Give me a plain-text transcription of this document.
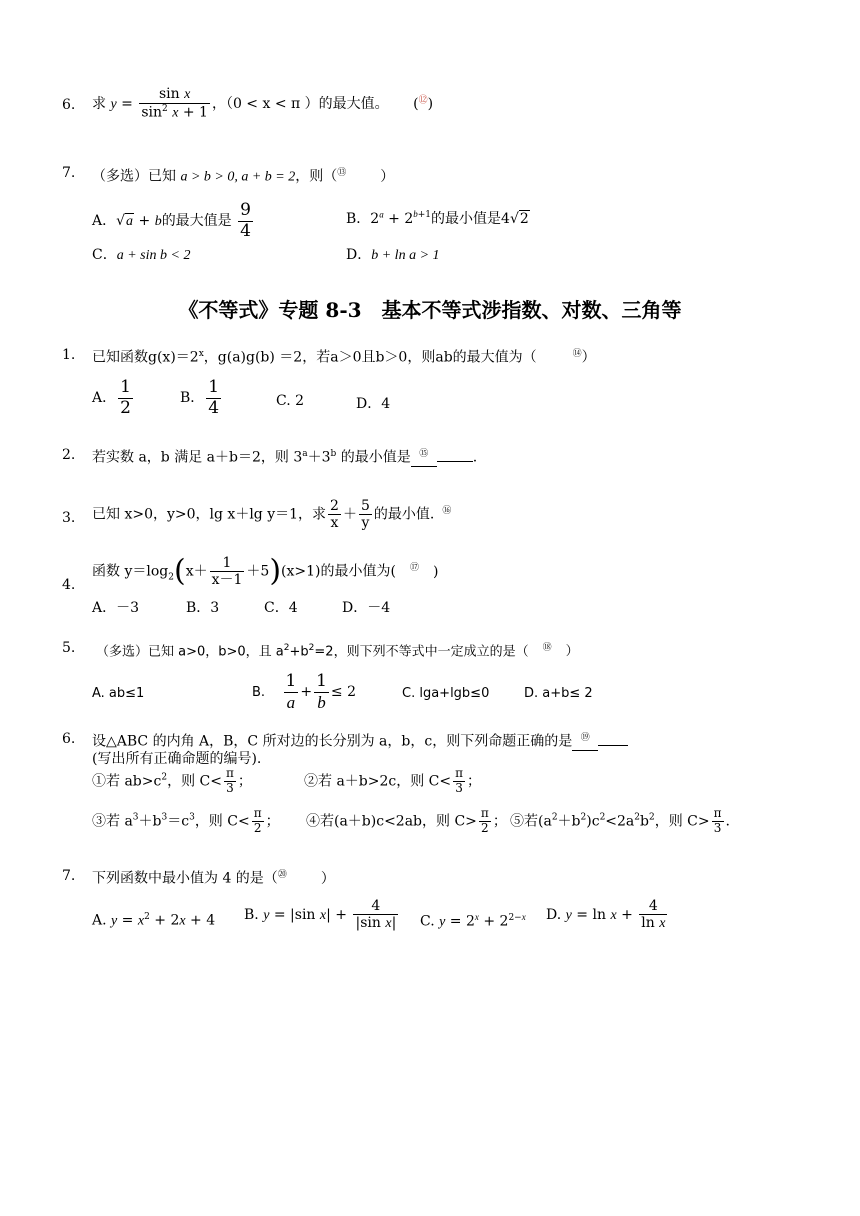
6. 求 $y = \frac{\text{sin x}}{\sin^2 x + 1}$ ，（0 < x < π ）的最大值。 (⑫)
7. （多选）已知 a > b > 0, a + b = 2，则（⑬ ）
A．√a + b的最大值是 $\frac{9}{4}$	B．$2^a + 2^{b+1}$的最小值是4√2
C．a + sin b < 2	D．b + ln a > 1
《不等式》专题 8-3　基本不等式涉指数、对数、三角等
1. 已知函数$g(x)=2^x$，g(a)g(b) ＝2，若a＞0且b＞0，则ab的最大值为（	⑭）
A． $\frac{1}{2}$	B． $\frac{1}{4}$	C. 2	D．4
2. 若实数 a，b 满足 a＋b＝2，则 $3^a+3^b$ 的最小值是 ⑮	.
3. 已知 x>0，y>0，lg x＋lg y＝1，求 $\frac{2}{x} + \frac{5}{y}$ 的最小值. ⑯
4.
函数 $y=\log_2(x+ \frac{1}{x-1} +5)(x>1)$的最小值为( ⑰ )
A．－3	B．3	C．4	D．－4
5. （多选）已知 a>0，b>0，且 $a^2+b^2=2$，则下列不等式中一定成立的是（ ⑱ ）
A. ab≤1	B. $\frac{1}{a} + \frac{1}{b} \le 2$	C. lga+lgb≤0	D. a+b≤ 2
6. 设△ABC 的内角 A，B，C 所对边的长分别为 a，b，c，则下列命题正确的是 ⑲
(写出所有正确命题的编号).
①若 $ab>c^2$，则 $C< \frac{\pi}{3}$ ；	②若 a＋b>2c，则 $C< \frac{\pi}{3}$ ；
③若 $a^3+b^3=c^3$，则 $C< \frac{\pi}{2}$ ； ④若(a＋b)c<2ab，则 $C> \frac{\pi}{2}$ ； ⑤若$(a^2+b^2)c^2<2a^2b^2$，则 $C> \frac{\pi}{3}$ .
7. 下列函数中最小值为 4 的是（⑳ ）
A. $y = x^2 + 2x + 4$ B. y = |sin $x| + \frac{4}{\text{|sin x|}} C$. $y = 2^x + 2^{2-x}$ D. $y = \ln x + \frac{4}{\text{ln x}}$
